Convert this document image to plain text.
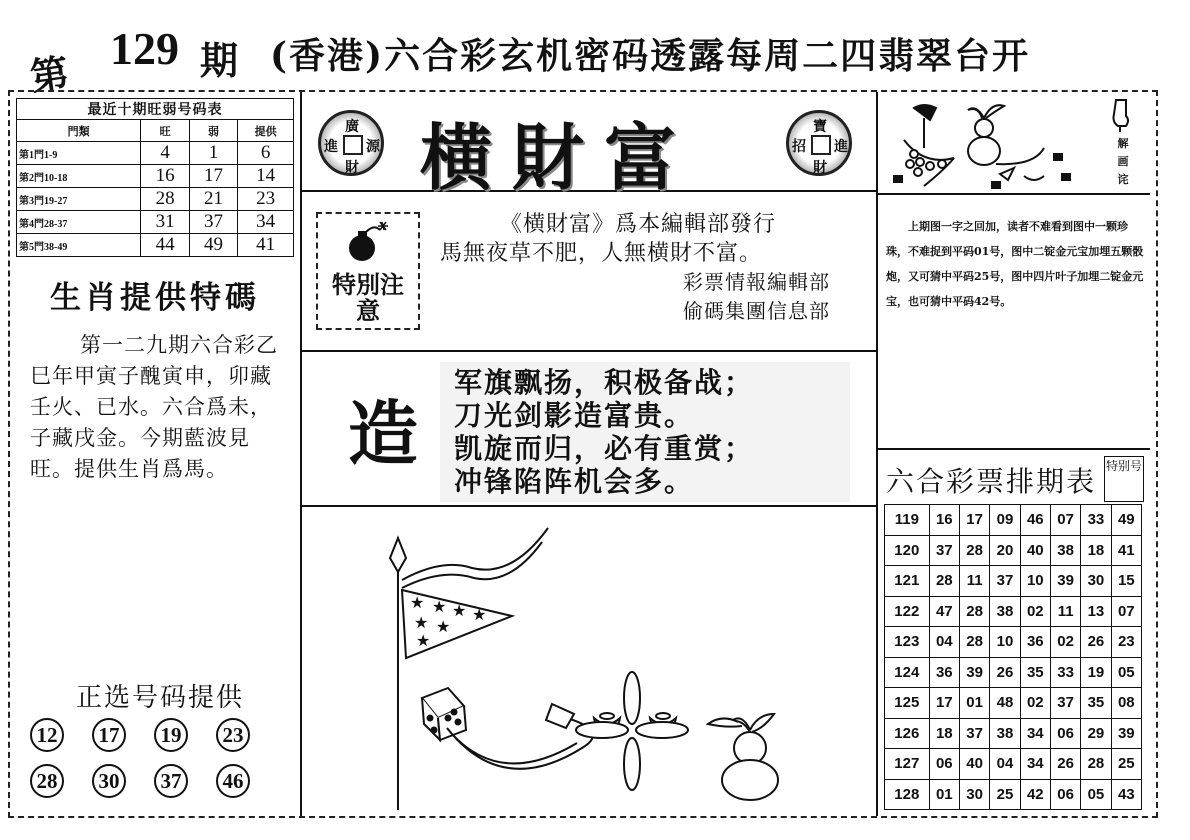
第
129 期 (香港)六合彩玄机密码透露每周二四翡翠台开
最近十期旺弱号码表			
門類	旺	弱	提供
第1門1-9	4	1	6
第2門10-18	16	17	14
第3門19-27	28	21	23
第4門28-37	31	37	34
第5門38-49	44	49	41
生肖提供特碼
第一二九期六合彩乙巳年甲寅子醜寅申，卯藏壬火、已水。六合爲未，子藏戌金。今期藍波見旺。提供生肖爲馬。
正选号码提供
12	17	19	23
28	30	37	46
廣
進 源
財 横財富	寶
招 進
財
特別注意
《横財富》爲本編輯部發行
馬無夜草不肥，人無横財不富。
彩票情報編輯部
偷碼集團信息部
造
军旗飘扬，积极备战；
刀光剑影造富贵。
凯旋而归，必有重赏；
冲锋陷阵机会多。
★ ★ ★ ★
★ ★
★
解画诧
上期图一字之回加，读者不难看到图中一颗珍珠，不难捉到平码01号，图中二锭金元宝加埋五颗骰炮，又可猜中平码25号，图中四片叶子加埋二锭金元宝，也可猜中平码42号。
六合彩票排期表 特别号
119	16	17	09	46	07	33	49
120	37	28	20	40	38	18	41
121	28	11	37	10	39	30	15
122	47	28	38	02	11	13	07
123	04	28	10	36	02	26	23
124	36	39	26	35	33	19	05
125	17	01	48	02	37	35	08
126	18	37	38	34	06	29	39
127	06	40	04	34	26	28	25
128	01	30	25	42	06	05	43
